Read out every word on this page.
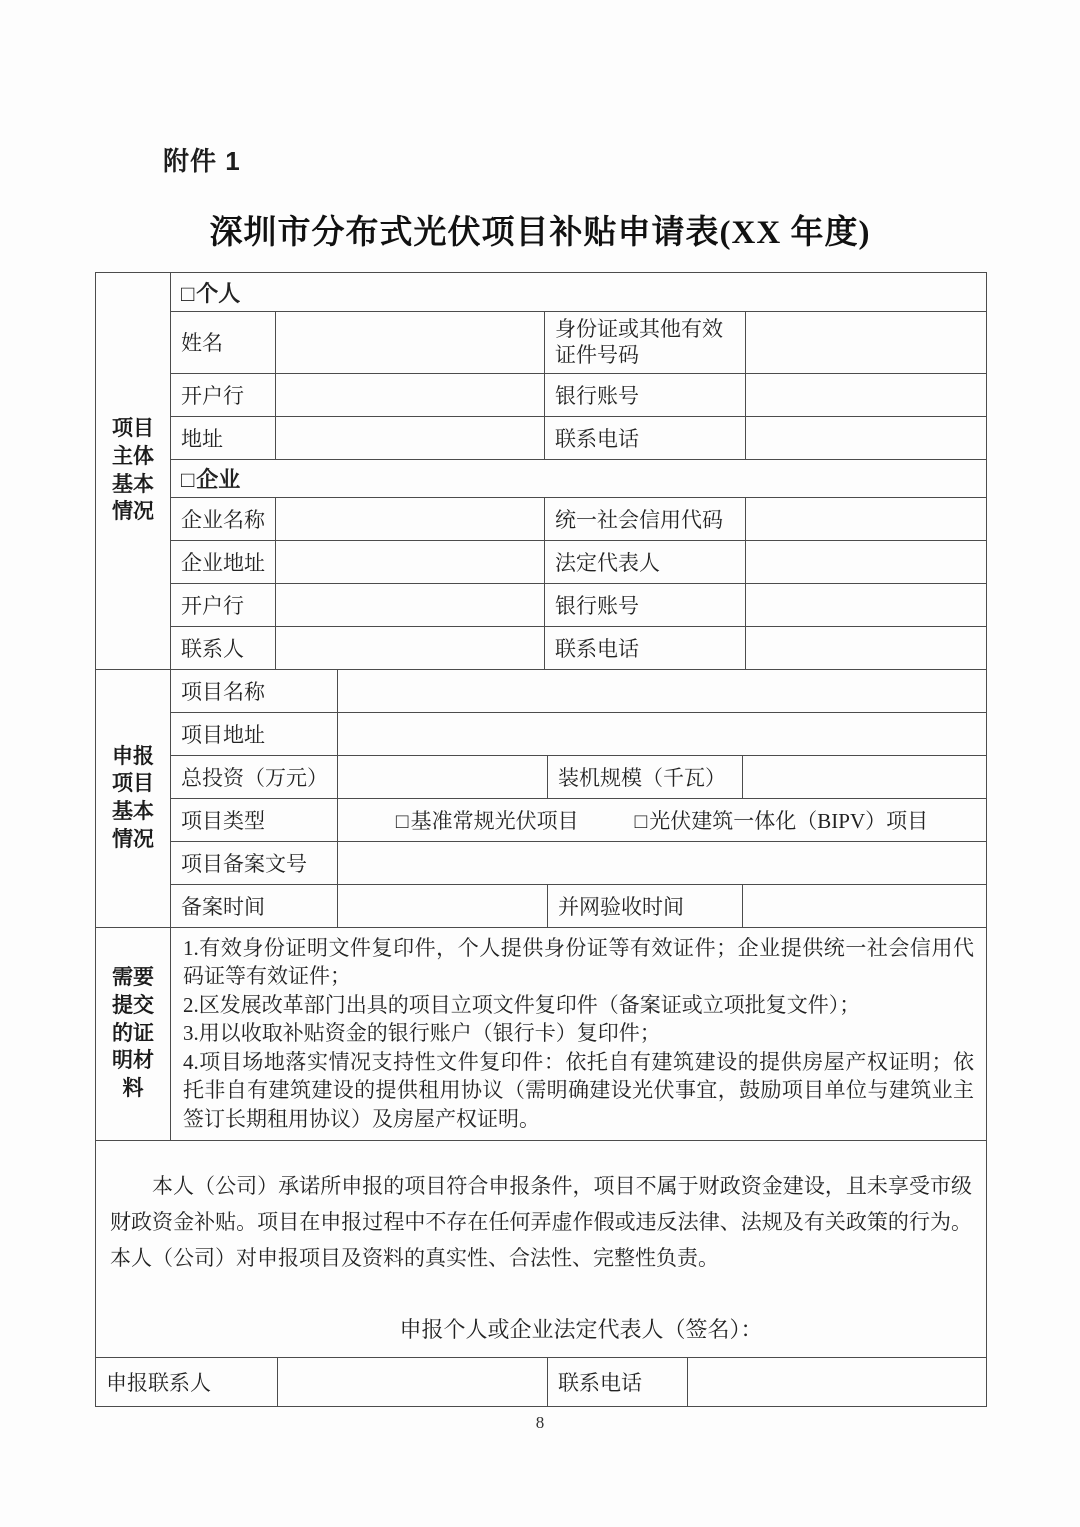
附件 1
深圳市分布式光伏项目补贴申请表(XX 年度)
项目主体基本情况	□个人			
	姓名		身份证或其他有效证件号码	
	开户行		银行账号	
	地址		联系电话	
	□企业			
	企业名称		统一社会信用代码	
	企业地址		法定代表人	
	开户行		银行账号	
	联系人		联系电话	
申报项目基本情况	项目名称			
	项目地址			
	总投资（万元）		装机规模（千瓦）	
	项目类型	□基准常规光伏项目 □光伏建筑一体化（BIPV）项目		

	项目备案文号			
	备案时间		并网验收时间	
需要提交的证明材料	

1.有效身份证明文件复印件，个人提供身份证等有效证件；企业提供统一社会信用代码证等有效证件；

2.区发展改革部门出具的项目立项文件复印件（备案证或立项批复文件）；

3.用以收取补贴资金的银行账户（银行卡）复印件；

4.项目场地落实情况支持性文件复印件：依托自有建筑建设的提供房屋产权证明；依托非自有建筑建设的提供租用协议（需明确建设光伏事宜，鼓励项目单位与建筑业主签订长期租用协议）及房屋产权证明。

本人（公司）承诺所申报的项目符合申报条件，项目不属于财政资金建设，且未享受市级财政资金补贴。项目在申报过程中不存在任何弄虚作假或违反法律、法规及有关政策的行为。本人（公司）对申报项目及资料的真实性、合法性、完整性负责。

申报个人或企业法定代表人（签名）：
申报联系人		联系电话	
8
